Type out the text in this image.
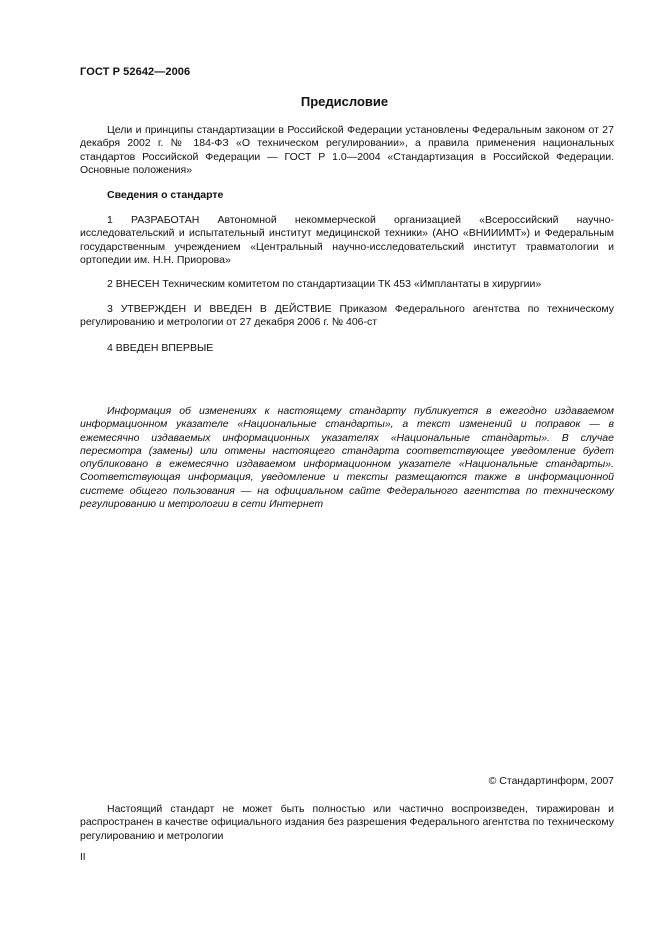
ГОСТ Р 52642—2006
Предисловие

Цели и принципы стандартизации в Российской Федерации установлены Федеральным законом от 27 декабря 2002 г. № 184-ФЗ «О техническом регулировании», а правила применения национальных стандартов Российской Федерации — ГОСТ Р 1.0—2004 «Стандартизация в Российской Федерации. Основные положения»

Сведения о стандарте

1 РАЗРАБОТАН Автономной некоммерческой организацией «Всероссийский научно-исследовательский и испытательный институт медицинской техники» (АНО «ВНИИИМТ») и Федеральным государственным учреждением «Центральный научно-исследовательский институт травматологии и ортопедии им. Н.Н. Приорова»

2 ВНЕСЕН Техническим комитетом по стандартизации ТК 453 «Имплантаты в хирургии»

3 УТВЕРЖДЕН И ВВЕДЕН В ДЕЙСТВИЕ Приказом Федерального агентства по техническому регулированию и метрологии от 27 декабря 2006 г. № 406-ст

4 ВВЕДЕН ВПЕРВЫЕ

Информация об изменениях к настоящему стандарту публикуется в ежегодно издаваемом информационном указателе «Национальные стандарты», а текст изменений и поправок — в ежемесячно издаваемых информационных указателях «Национальные стандарты». В случае пересмотра (замены) или отмены настоящего стандарта соответствующее уведомление будет опубликовано в ежемесячно издаваемом информационном указателе «Национальные стандарты». Соответствующая информация, уведомление и тексты размещаются также в информационной системе общего пользования — на официальном сайте Федерального агентства по техническому регулированию и метрологии в сети Интернет

© Стандартинформ, 2007

Настоящий стандарт не может быть полностью или частично воспроизведен, тиражирован и распространен в качестве официального издания без разрешения Федерального агентства по техническому регулированию и метрологии

II
